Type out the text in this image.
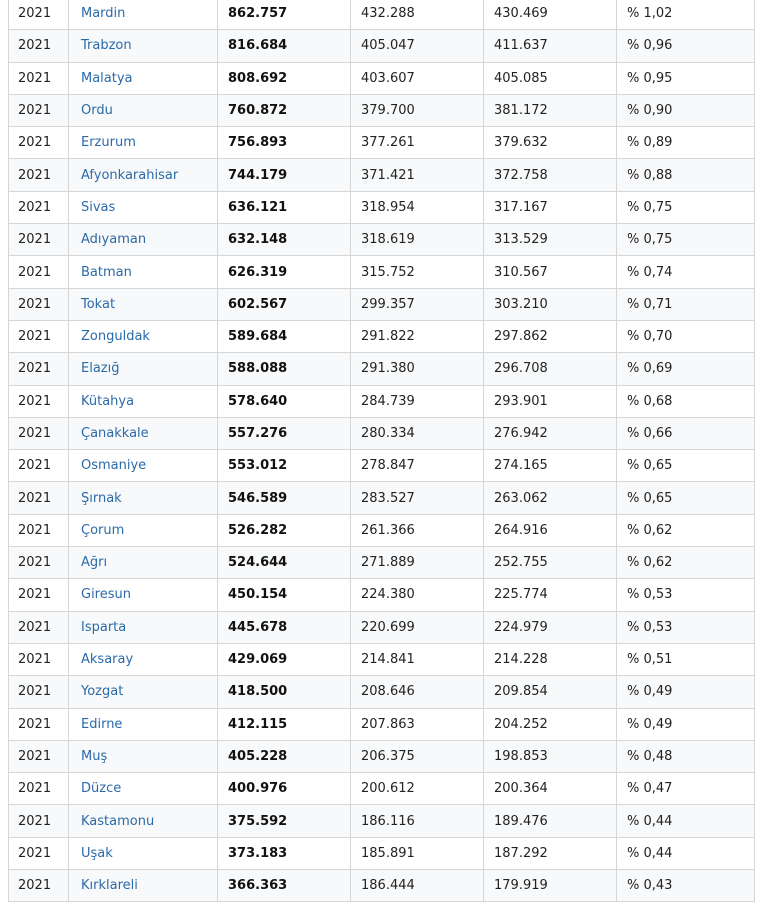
2021	Mardin	862.757	432.288	430.469	% 1,02
2021	Trabzon	816.684	405.047	411.637	% 0,96
2021	Malatya	808.692	403.607	405.085	% 0,95
2021	Ordu	760.872	379.700	381.172	% 0,90
2021	Erzurum	756.893	377.261	379.632	% 0,89
2021	Afyonkarahisar	744.179	371.421	372.758	% 0,88
2021	Sivas	636.121	318.954	317.167	% 0,75
2021	Adıyaman	632.148	318.619	313.529	% 0,75
2021	Batman	626.319	315.752	310.567	% 0,74
2021	Tokat	602.567	299.357	303.210	% 0,71
2021	Zonguldak	589.684	291.822	297.862	% 0,70
2021	Elazığ	588.088	291.380	296.708	% 0,69
2021	Kütahya	578.640	284.739	293.901	% 0,68
2021	Çanakkale	557.276	280.334	276.942	% 0,66
2021	Osmaniye	553.012	278.847	274.165	% 0,65
2021	Şırnak	546.589	283.527	263.062	% 0,65
2021	Çorum	526.282	261.366	264.916	% 0,62
2021	Ağrı	524.644	271.889	252.755	% 0,62
2021	Giresun	450.154	224.380	225.774	% 0,53
2021	Isparta	445.678	220.699	224.979	% 0,53
2021	Aksaray	429.069	214.841	214.228	% 0,51
2021	Yozgat	418.500	208.646	209.854	% 0,49
2021	Edirne	412.115	207.863	204.252	% 0,49
2021	Muş	405.228	206.375	198.853	% 0,48
2021	Düzce	400.976	200.612	200.364	% 0,47
2021	Kastamonu	375.592	186.116	189.476	% 0,44
2021	Uşak	373.183	185.891	187.292	% 0,44
2021	Kırklareli	366.363	186.444	179.919	% 0,43
